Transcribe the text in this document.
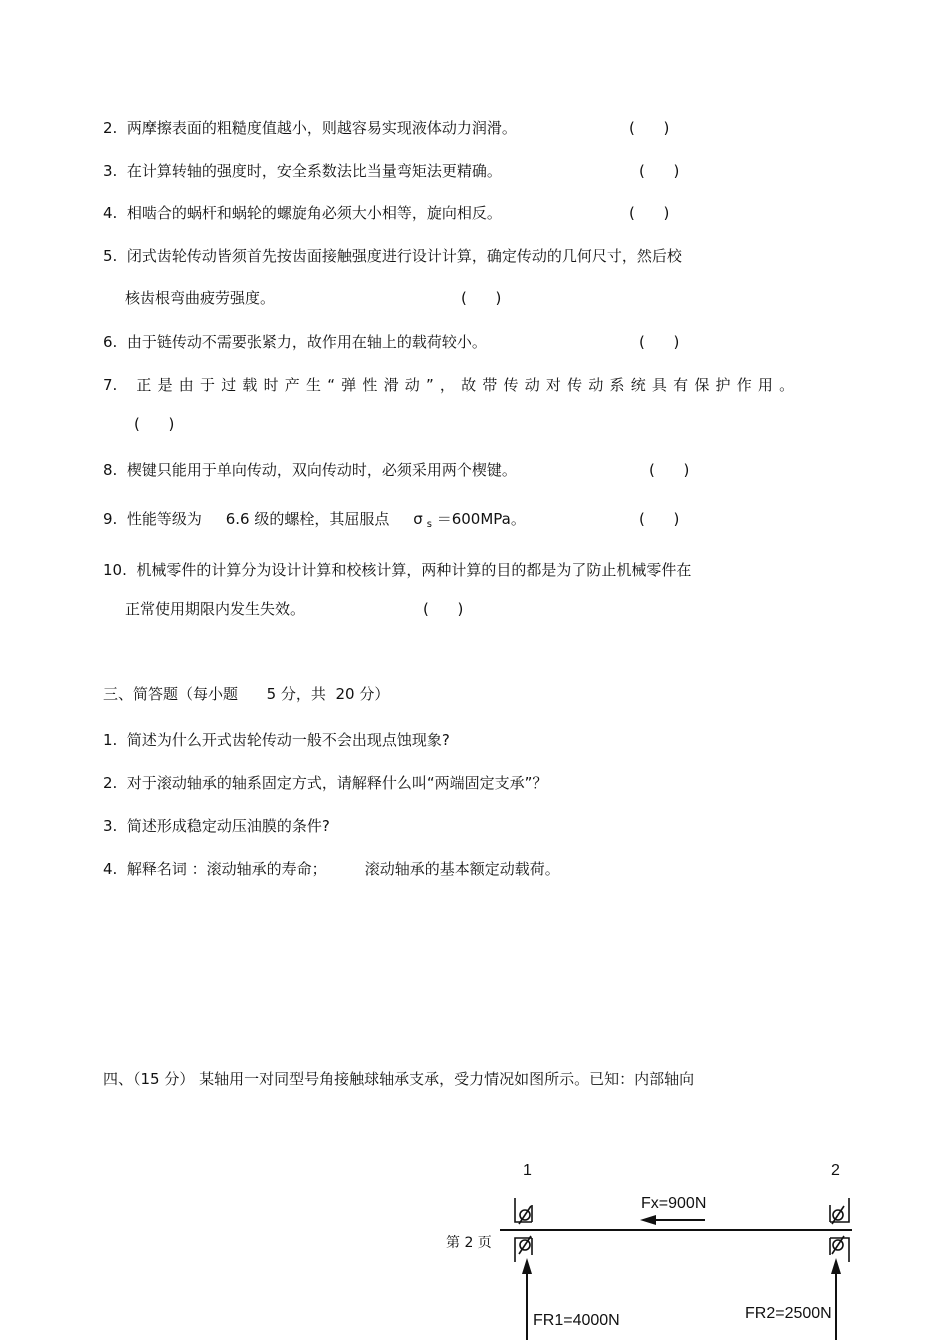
2. 两摩擦表面的粗糙度值越小，则越容易实现液体动力润滑。	(      )
3. 在计算转轴的强度时，安全系数法比当量弯矩法更精确。	(      )
4. 相啮合的蜗杆和蜗轮的螺旋角必须大小相等，旋向相反。	(      )
5. 闭式齿轮传动皆须首先按齿面接触强度进行设计计算，确定传动的几何尺寸，然后校
核齿根弯曲疲劳强度。	(      )
6. 由于链传动不需要张紧力，故作用在轴上的载荷较小。	(      )
7. 正是由于过载时产生“弹性滑动”，故带传动对传动系统具有保护作用。
(      )
8. 楔键只能用于单向传动，双向传动时，必须采用两个楔键。	(      )
9. 性能等级为 6.6 级的螺栓，其屈服点 σ $_s$ ＝600MPa。	(      )
10. 机械零件的计算分为设计计算和校核计算，两种计算的目的都是为了防止机械零件在
正常使用期限内发生失效。	(      )
三、简答题（每小题 5 分，共 20 分）
1. 简述为什么开式齿轮传动一般不会出现点蚀现象?
2. 对于滚动轴承的轴系固定方式，请解释什么叫“两端固定支承”？
3. 简述形成稳定动压油膜的条件?
4. 解释名词 ：滚动轴承的寿命；	滚动轴承的基本额定动载荷。
四、（15 分） 某轴用一对同型号角接触球轴承支承，受力情况如图所示。已知：内部轴向
1	2
Fx=900N
FR1=4000N	FR2=2500N
第 2 页
